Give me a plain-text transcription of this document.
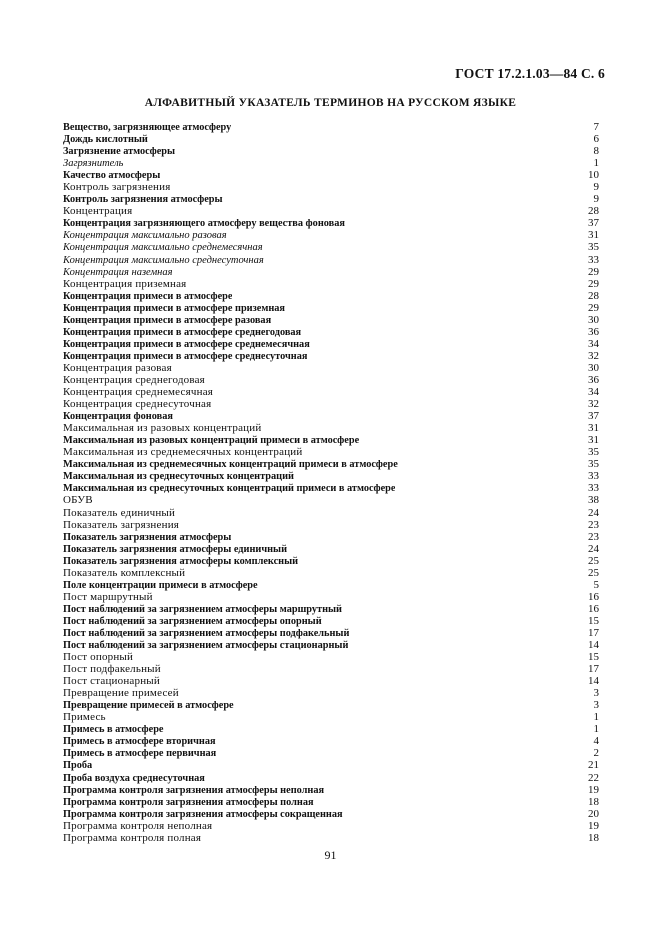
ГОСТ 17.2.1.03—84 С. 6
АЛФАВИТНЫЙ УКАЗАТЕЛЬ ТЕРМИНОВ НА РУССКОМ ЯЗЫКЕ
Вещество, загрязняющее атмосферу	7
Дождь кислотный	6
Загрязнение атмосферы	8
Загрязнитель	1
Качество атмосферы	10
Контроль загрязнения	9
Контроль загрязнения атмосферы	9
Концентрация	28
Концентрация загрязняющего атмосферу вещества фоновая	37
Концентрация максимально разовая	31
Концентрация максимально среднемесячная	35
Концентрация максимально среднесуточная	33
Концентрация наземная	29
Концентрация приземная	29
Концентрация примеси в атмосфере	28
Концентрация примеси в атмосфере приземная	29
Концентрация примеси в атмосфере разовая	30
Концентрация примеси в атмосфере среднегодовая	36
Концентрация примеси в атмосфере среднемесячная	34
Концентрация примеси в атмосфере среднесуточная	32
Концентрация разовая	30
Концентрация среднегодовая	36
Концентрация среднемесячная	34
Концентрация среднесуточная	32
Концентрация фоновая	37
Максимальная из разовых концентраций	31
Максимальная из разовых концентраций примеси в атмосфере	31
Максимальная из среднемесячных концентраций	35
Максимальная из среднемесячных концентраций примеси в атмосфере	35
Максимальная из среднесуточных концентраций	33
Максимальная из среднесуточных концентраций примеси в атмосфере	33
ОБУВ	38
Показатель единичный	24
Показатель загрязнения	23
Показатель загрязнения атмосферы	23
Показатель загрязнения атмосферы единичный	24
Показатель загрязнения атмосферы комплексный	25
Показатель комплексный	25
Поле концентрации примеси в атмосфере	5
Пост маршрутный	16
Пост наблюдений за загрязнением атмосферы маршрутный	16
Пост наблюдений за загрязнением атмосферы опорный	15
Пост наблюдений за загрязнением атмосферы подфакельный	17
Пост наблюдений за загрязнением атмосферы стационарный	14
Пост опорный	15
Пост подфакельный	17
Пост стационарный	14
Превращение примесей	3
Превращение примесей в атмосфере	3
Примесь	1
Примесь в атмосфере	1
Примесь в атмосфере вторичная	4
Примесь в атмосфере первичная	2
Проба	21
Проба воздуха среднесуточная	22
Программа контроля загрязнения атмосферы неполная	19
Программа контроля загрязнения атмосферы полная	18
Программа контроля загрязнения атмосферы сокращенная	20
Программа контроля неполная	19
Программа контроля полная	18
91
